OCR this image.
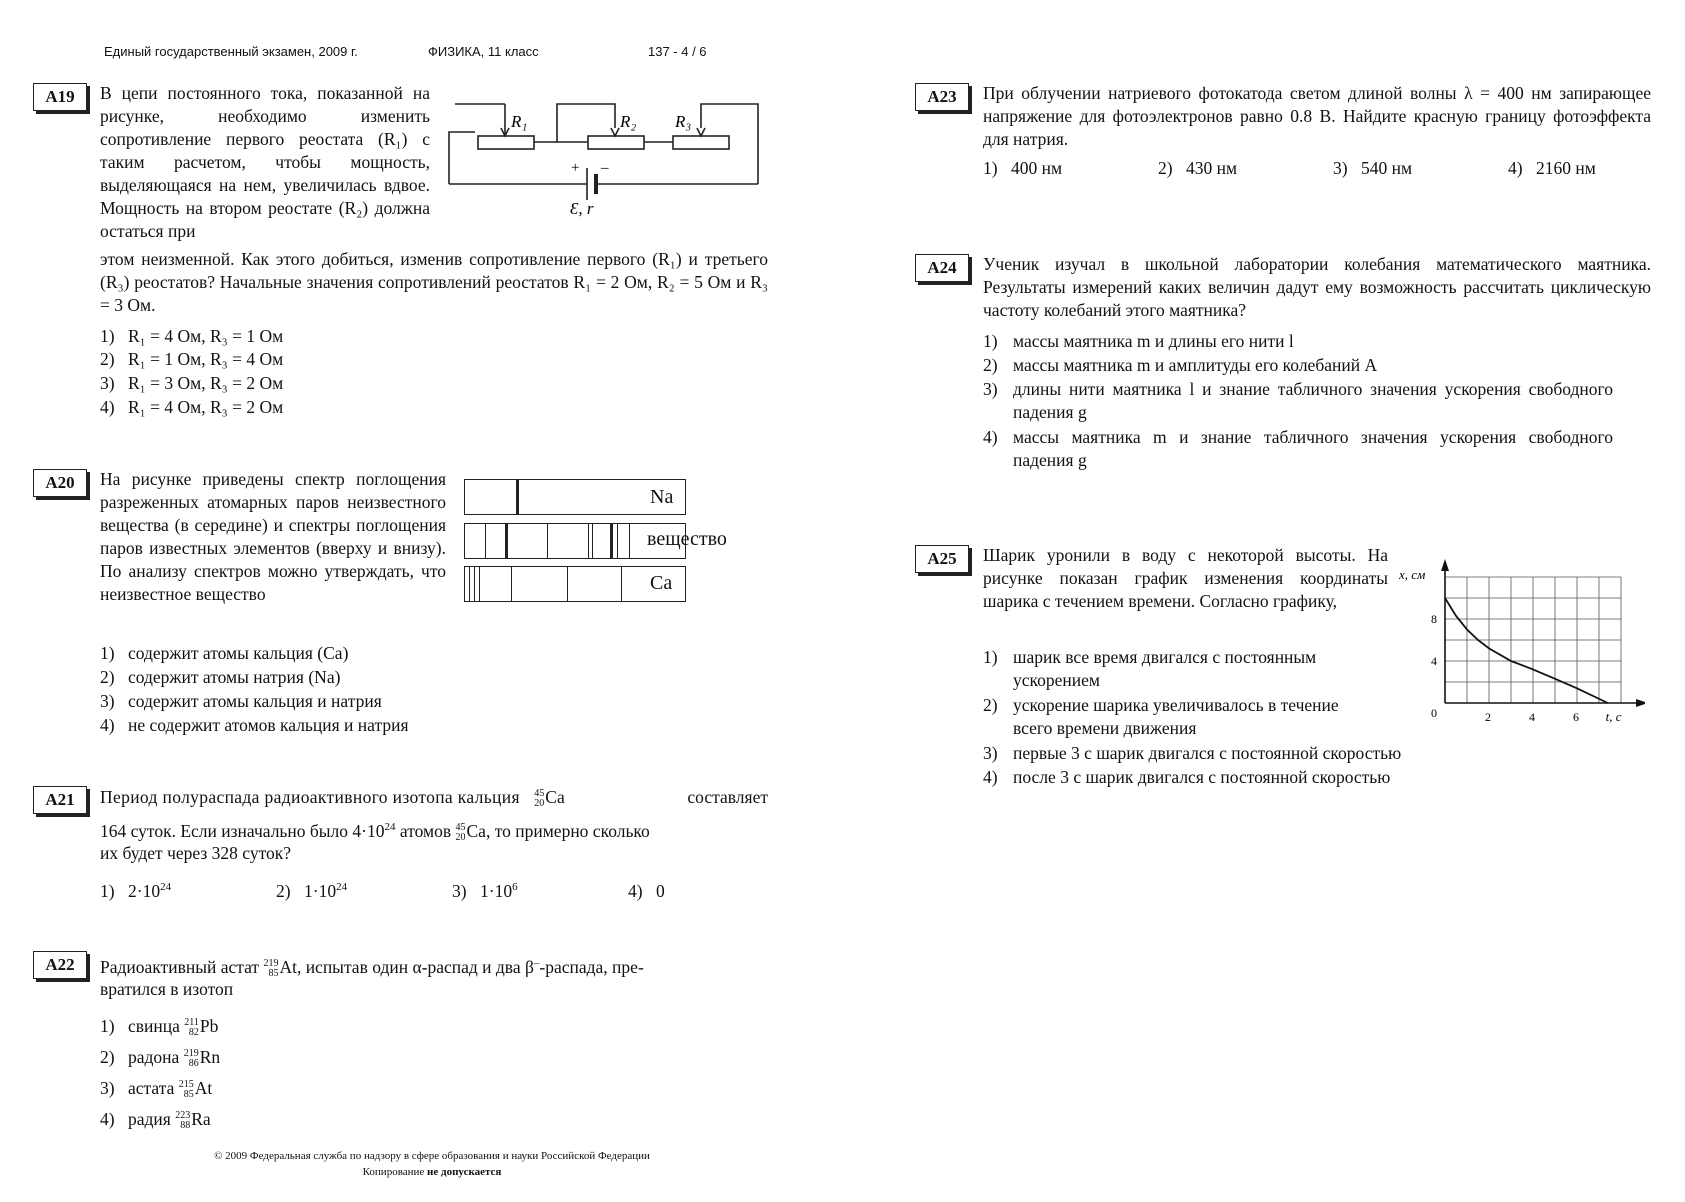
Единый государственный экзамен, 2009 г.	ФИЗИКА, 11 класс	137 - 4 / 6
A19	В цепи постоянного тока, показанной на рисунке, необходимо изменить сопротивление первого реостата (R₁) с таким расчетом, чтобы мощность, выделяющаяся на нем, увеличилась вдвое. Мощность на втором реостате (R₂) должна остаться при
этом неизменной. Как этого добиться, изменив сопротивление первого (R₁) и третьего (R₃) реостатов? Начальные значения сопротивлений реостатов R₁ = 2 Ом, R₂ = 5 Ом и R₃ = 3 Ом.
R₁	R₂ R₃
+ –
Ɛ, r
1) R₁ = 4 Ом, R₃ = 1 Ом
2) R₁ = 1 Ом, R₃ = 4 Ом
3) R₁ = 3 Ом, R₃ = 2 Ом
4) R₁ = 4 Ом, R₃ = 2 Ом
A20	На рисунке приведены спектр поглощения разреженных атомарных паров неизвестного вещества (в середине) и спектры поглощения паров известных элементов (вверху и внизу). По анализу спектров можно утверждать, что неизвестное вещество
Na
вещество
Ca
1) содержит атомы кальция (Ca)
2) содержит атомы натрия (Na)
3) содержит атомы кальция и натрия
4) не содержит атомов кальция и натрия
A21	Период полураспада радиоактивного изотопа кальция 45
20Ca	составляет
164 суток. Если изначально было $4\cdot 10^{24}$ атомов 45
20Ca, то примерно сколько
их будет через 328 суток?
1) $2\cdot 10^{24}$	2) $1\cdot 10^{24}$	3) $1\cdot 10^6$	4) 0
A22	Радиоактивный астат 219
85At, испытав один α-распад и два β–-распада, пре-
вратился в изотоп
1) свинца 211
82Pb
2) радона 219
86Rn
3) астата 215
85At
4) радия 223
88Ra
© 2009 Федеральная служба по надзору в сфере образования и науки Российской Федерации
Копирование не допускается
A23	При облучении натриевого фотокатода светом длиной волны λ = 400 нм запирающее напряжение для фотоэлектронов равно 0.8 В. Найдите красную границу фотоэффекта для натрия.
1) 400 нм	2) 430 нм	3) 540 нм	4) 2160 нм
A24	Ученик изучал в школьной лаборатории колебания математического маятника. Результаты измерений каких величин дадут ему возможность рассчитать циклическую частоту колебаний этого маятника?
1) массы маятника m и длины его нити l
2) массы маятника m и амплитуды его колебаний A
3) длины нити маятника l и знание табличного значения ускорения свободного падения g
4) массы маятника m и знание табличного значения ускорения свободного падения g
A25	Шарик уронили в воду с некоторой высоты. На рисунке показан график изменения координаты шарика с течением времени. Согласно графику,
1) шарик все время двигался с постоянным ускорением
2) ускорение шарика увеличивалось в течение всего времени движения
3) первые 3 с шарик двигался с постоянной скоростью
4) после 3 с шарик двигался с постоянной скоростью
2	4	6
4
8
0	t, с
x, см
